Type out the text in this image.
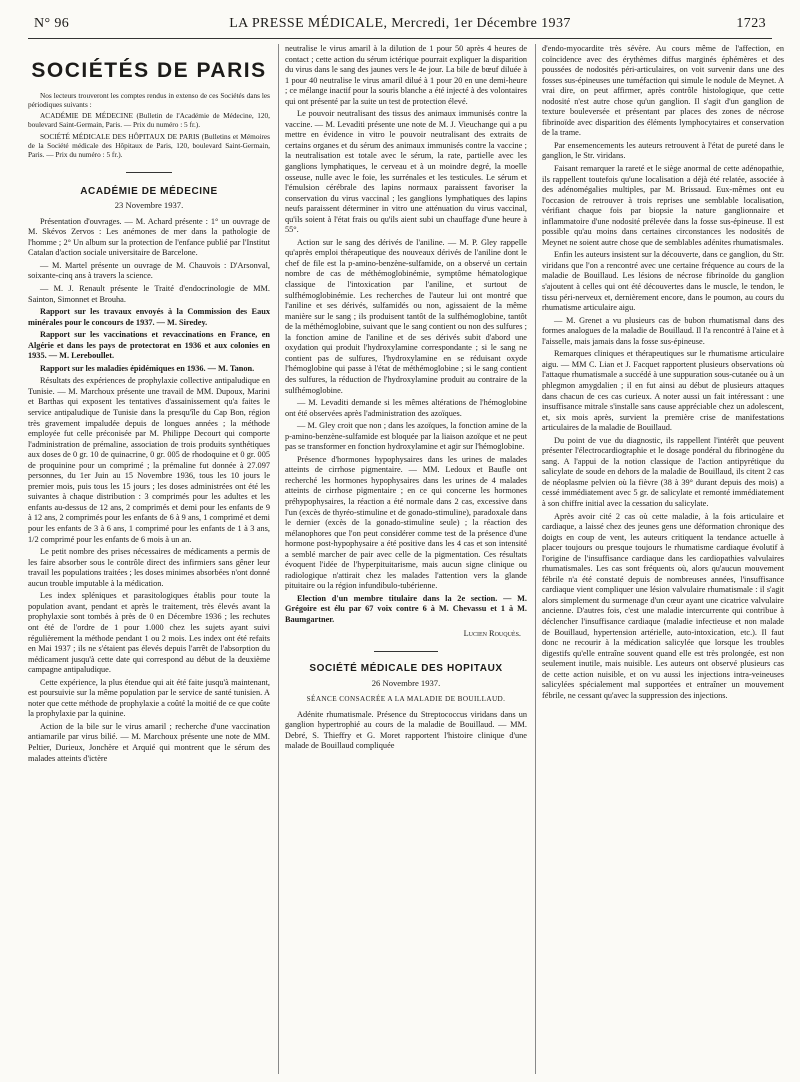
N° 96	LA PRESSE MÉDICALE, Mercredi, 1er Décembre 1937	1723
SOCIÉTÉS DE PARIS

Nos lecteurs trouveront les comptes rendus in extenso de ces Sociétés dans les périodiques suivants :

ACADÉMIE DE MÉDECINE (Bulletin de l'Académie de Médecine, 120, boulevard Saint-Germain, Paris. — Prix du numéro : 5 fr.).

SOCIÉTÉ MÉDICALE DES HÔPITAUX DE PARIS (Bulletins et Mémoires de la Société médicale des Hôpitaux de Paris, 120, boulevard Saint-Germain, Paris. — Prix du numéro : 5 fr.).

ACADÉMIE DE MÉDECINE
23 Novembre 1937.

Présentation d'ouvrages. — M. Achard présente : 1° un ouvrage de M. Skévos Zervos : Les anémones de mer dans la pathologie de l'homme ; 2° Un album sur la protection de l'enfance publié par l'Institut Catalan d'action sociale universitaire de Barcelone.

— M. Martel présente un ouvrage de M. Chauvois : D'Arsonval, soixante-cinq ans à travers la science.

— M. J. Renault présente le Traité d'endocrinologie de MM. Sainton, Simonnet et Brouha.

Rapport sur les travaux envoyés à la Commission des Eaux minérales pour le concours de 1937. — M. Siredey.

Rapport sur les vaccinations et revaccinations en France, en Algérie et dans les pays de protectorat en 1936 et aux colonies en 1935. — M. Lereboullet.

Rapport sur les maladies épidémiques en 1936. — M. Tanon.

Résultats des expériences de prophylaxie collective antipaludique en Tunisie. — M. Marchoux présente une travail de MM. Dupoux, Marini et Barthas qui exposent les tentatives d'assainissement qu'a faites le service antipaludique de Tunisie dans la presqu'île du Cap Bon, région très gravement impaludée depuis de longues années ; la méthode employée fut celle préconisée par M. Philippe Decourt qui comporte l'administration de prémaline, association de trois produits synthétiques aux doses de 0 gr. 10 de quinacrine, 0 gr. 005 de rhodoquine et 0 gr. 005 de proquinine pour un comprimé ; la prémaline fut donnée à 27.097 personnes, du 1er Juin au 15 Novembre 1936, tous les 10 jours le premier mois, puis tous les 15 jours ; les doses administrées ont été les suivantes à chaque distribution : 3 comprimés pour les adultes et les enfants au-dessus de 12 ans, 2 comprimés et demi pour les enfants de 9 à 12 ans, 2 comprimés pour les enfants de 6 à 9 ans, 1 comprimé et demi pour les enfants de 3 à 6 ans, 1 comprimé pour les enfants de 1 à 3 ans, 1/2 comprimé pour les enfants de 6 mois à un an.

Le petit nombre des prises nécessaires de médicaments a permis de les faire absorber sous le contrôle direct des infirmiers sans gêner leur travail les populations traitées ; les doses minimes absorbées n'ont donné aucun trouble imputable à la médication.

Les index spléniques et parasitologiques établis pour toute la population avant, pendant et après le traitement, très élevés avant la prophylaxie sont tombés à près de 0 en Décembre 1936 ; les rechutes ont été de l'ordre de 1 pour 1.000 chez les sujets ayant suivi régulièrement la méthode pendant 1 ou 2 mois. Les index ont été refaits en Mai 1937 ; ils ne s'étaient pas élevés depuis l'arrêt de l'absorption du médicament jusqu'à cette date qui correspond au début de la deuxième campagne antipaludique.

Cette expérience, la plus étendue qui ait été faite jusqu'à maintenant, est poursuivie sur la même population par le service de santé tunisien. A noter que cette méthode de prophylaxie a coûté la moitié de ce que coûte la prophylaxie par la quinine.

Action de la bile sur le virus amaril ; recherche d'une vaccination antiamarile par virus bilié. — M. Marchoux présente une note de MM. Peltier, Durieux, Jonchère et Arquié qui montrent que le sérum des malades atteints d'ictère

neutralise le virus amaril à la dilution de 1 pour 50 après 4 heures de contact ; cette action du sérum ictérique pourrait expliquer la disparition du virus dans le sang des jaunes vers le 4e jour. La bile de bœuf diluée à 1 pour 40 neutralise le virus amaril dilué à 1 pour 20 en une demi-heure ; ce mélange inactif pour la souris blanche a été injecté à des volontaires qui ont présenté par la suite un test de protection élevé.

Le pouvoir neutralisant des tissus des animaux immunisés contre la vaccine. — M. Levaditi présente une note de M. J. Vieuchange qui a pu mettre en évidence in vitro le pouvoir neutralisant des extraits de certains organes et du sérum des animaux immunisés contre la vaccine ; la neutralisation est totale avec le sérum, la rate, partielle avec les ganglions lymphatiques, le cerveau et à un moindre degré, la moelle osseuse, nulle avec le foie, les surrénales et les testicules. Le sérum et l'émulsion cérébrale des lapins normaux paraissent favoriser la conservation du virus vaccinal ; les ganglions lymphatiques des lapins neufs paraissent déterminer in vitro une atténuation du virus vaccinal, qu'ils soient à l'état frais ou qu'ils aient subi un chauffage d'une heure à 55°.

Action sur le sang des dérivés de l'aniline. — M. P. Gley rappelle qu'après emploi thérapeutique des nouveaux dérivés de l'aniline dont le chef de file est la p-amino-benzène-sulfamide, on a observé un certain nombre de cas de méthémoglobinémie, symptôme hématologique classique de l'intoxication par l'aniline, et surtout de sulfhémoglobinémie. Les recherches de l'auteur lui ont montré que l'aniline et ses dérivés, sulfamidés ou non, agissaient de la même manière sur le sang ; ils produisent tantôt de la sulfhémoglobine, tantôt de la méthémoglobine, suivant que le sang contient ou non des sulfures ; la fonction amine de l'aniline et de ses dérivés subit d'abord une oxydation qui produit l'hydroxylamine correspondante ; si le sang ne contient pas de sulfures, l'hydroxylamine en se réduisant oxyde l'hémoglobine qui passe à l'état de méthémoglobine ; si le sang contient des sulfures, la réduction de l'hydroxylamine produit au contraire de la sulfhémoglobine.

— M. Levaditi demande si les mêmes altérations de l'hémoglobine ont été observées après l'administration des azoïques.

— M. Gley croit que non ; dans les azoïques, la fonction amine de la p-amino-benzène-sulfamide est bloquée par la liaison azoïque et ne peut pas se transformer en fonction hydroxylamine et agir sur l'hémoglobine.

Présence d'hormones hypophysaires dans les urines de malades atteints de cirrhose pigmentaire. — MM. Ledoux et Baufle ont recherché les hormones hypophysaires dans les urines de 4 malades atteints de cirrhose pigmentaire ; en ce qui concerne les hormones préhypophysaires, la réaction a été normale dans 2 cas, excessive dans l'un (excès de thyréo-stimuline et de gonado-stimuline), paradoxale dans le dernier (excès de la gonado-stimuline seule) ; la réaction des mélanophores que l'on peut considérer comme test de la présence d'une hormone post-hypophysaire a été positive dans les 4 cas et son intensité a semblé marcher de pair avec celle de la pigmentation. Ces résultats évoquent l'idée de l'hyperpituitarisme, mais aucun signe clinique ou radiologique n'attirait chez les malades l'attention vers la glande pituitaire ou la région infundibulo-tubérienne.

Election d'un membre titulaire dans la 2e section. — M. Grégoire est élu par 67 voix contre 6 à M. Chevassu et 1 à M. Baumgartner.

Lucien Rouquès.
SOCIÉTÉ MÉDICALE DES HOPITAUX
26 Novembre 1937.
SÉANCE CONSACRÉE A LA MALADIE DE BOUILLAUD.

Adénite rhumatismale. Présence du Streptococcus viridans dans un ganglion hypertrophié au cours de la maladie de Bouillaud. — MM. Debré, S. Thieffry et G. Moret rapportent l'histoire clinique d'une malade de Bouillaud compliquée

d'endo-myocardite très sévère. Au cours même de l'affection, en coïncidence avec des érythèmes diffus marginés éphémères et des poussées de nodosités péri-articulaires, on voit survenir dans une des fosses sus-épineuses une tuméfaction qui simule le nodule de Meynet. A vrai dire, on peut affirmer, après contrôle histologique, que cette nodosité n'est autre chose qu'un ganglion. Il s'agit d'un ganglion de texture bouleversée et présentant par places des zones de nécrose fibrinoïde avec disparition des éléments lymphocytaires et conservation de la trame.

Par ensemencements les auteurs retrouvent à l'état de pureté dans le ganglion, le Str. viridans.

Faisant remarquer la rareté et le siège anormal de cette adénopathie, ils rappellent toutefois qu'une localisation a déjà été relatée, associée à des adénomégalies multiples, par M. Brissaud. Eux-mêmes ont eu l'occasion de retrouver à trois reprises une semblable localisation, vérifiant chaque fois par biopsie la nature ganglionnaire et inflammatoire d'une nodosité prélevée dans la fosse sus-épineuse. Il est possible qu'au moins dans certaines circonstances les nodosités de Meynet ne soient autre chose que de semblables adénites rhumatismales.

Enfin les auteurs insistent sur la découverte, dans ce ganglion, du Str. viridans que l'on a rencontré avec une certaine fréquence au cours de la maladie de Bouillaud. Les lésions de nécrose fibrinoïde du ganglion s'ajoutent à celles qui ont été découvertes dans le muscle, le tendon, le tissu péri-nerveux et, dernièrement encore, dans le poumon, au cours du rhumatisme articulaire aigu.

— M. Grenet a vu plusieurs cas de bubon rhumatismal dans des formes analogues de la maladie de Bouillaud. Il l'a rencontré à l'aine et à l'aisselle, mais jamais dans la fosse sus-épineuse.

Remarques cliniques et thérapeutiques sur le rhumatisme articulaire aigu. — MM C. Lian et J. Facquet rapportent plusieurs observations où l'attaque rhumatismale a succédé à une suppuration sous-cutanée ou à un phlegmon amygdalien ; il en fut ainsi au début de plusieurs attaques dans chacun de ces cas curieux. A noter aussi un fait intéressant : une insuffisance mitrale s'installe sans cause appréciable chez un adolescent, et, six mois après, survient la première crise de manifestations articulaires de la maladie de Bouillaud.

Du point de vue du diagnostic, ils rappellent l'intérêt que peuvent présenter l'électrocardiographie et le dosage pondéral du fibrinogène du sang. A l'appui de la notion classique de l'action antipyrétique du salicylate de soude en dehors de la maladie de Bouillaud, ils citent 2 cas de néoplasme pelvien où la fièvre (38 à 39° durant depuis des mois) a cessé immédiatement avec 5 gr. de salicylate et remonté immédiatement à son chiffre initial avec la cessation du salicylate.

Après avoir cité 2 cas où cette maladie, à la fois articulaire et cardiaque, a laissé chez des jeunes gens une déformation chronique des doigts en coup de vent, les auteurs critiquent la tendance actuelle à placer toujours ou presque toujours le rhumatisme cardiaque évolutif à l'origine de l'insuffisance cardiaque dans les cardiopathies valvulaires rhumatismales. Les cas sont fréquents où, alors qu'aucun mouvement fébrile n'a été constaté depuis de nombreuses années, l'insuffisance cardiaque vient compliquer une lésion valvulaire rhumatismale : il s'agit alors simplement du surmenage d'un cœur ayant une cicatrice valvulaire ancienne. D'autres fois, c'est une maladie intercurrente qui contribue à déclencher l'insuffisance cardiaque (maladie infectieuse et non malade de Bouillaud, hypertension artérielle, auto-intoxication, etc.). Il faut donc ne recourir à la médication salicylée que lorsque les troubles digestifs qu'elle entraîne souvent quand elle est très prolongée, est non seulement inutile, mais nuisible. Les auteurs ont observé plusieurs cas de cette action nuisible, et on vu aussi les injections intra-veineuses salicylées spécialement mal supportées et entraîner un mouvement fébrile, ne cessant qu'avec la suppression des injections.
